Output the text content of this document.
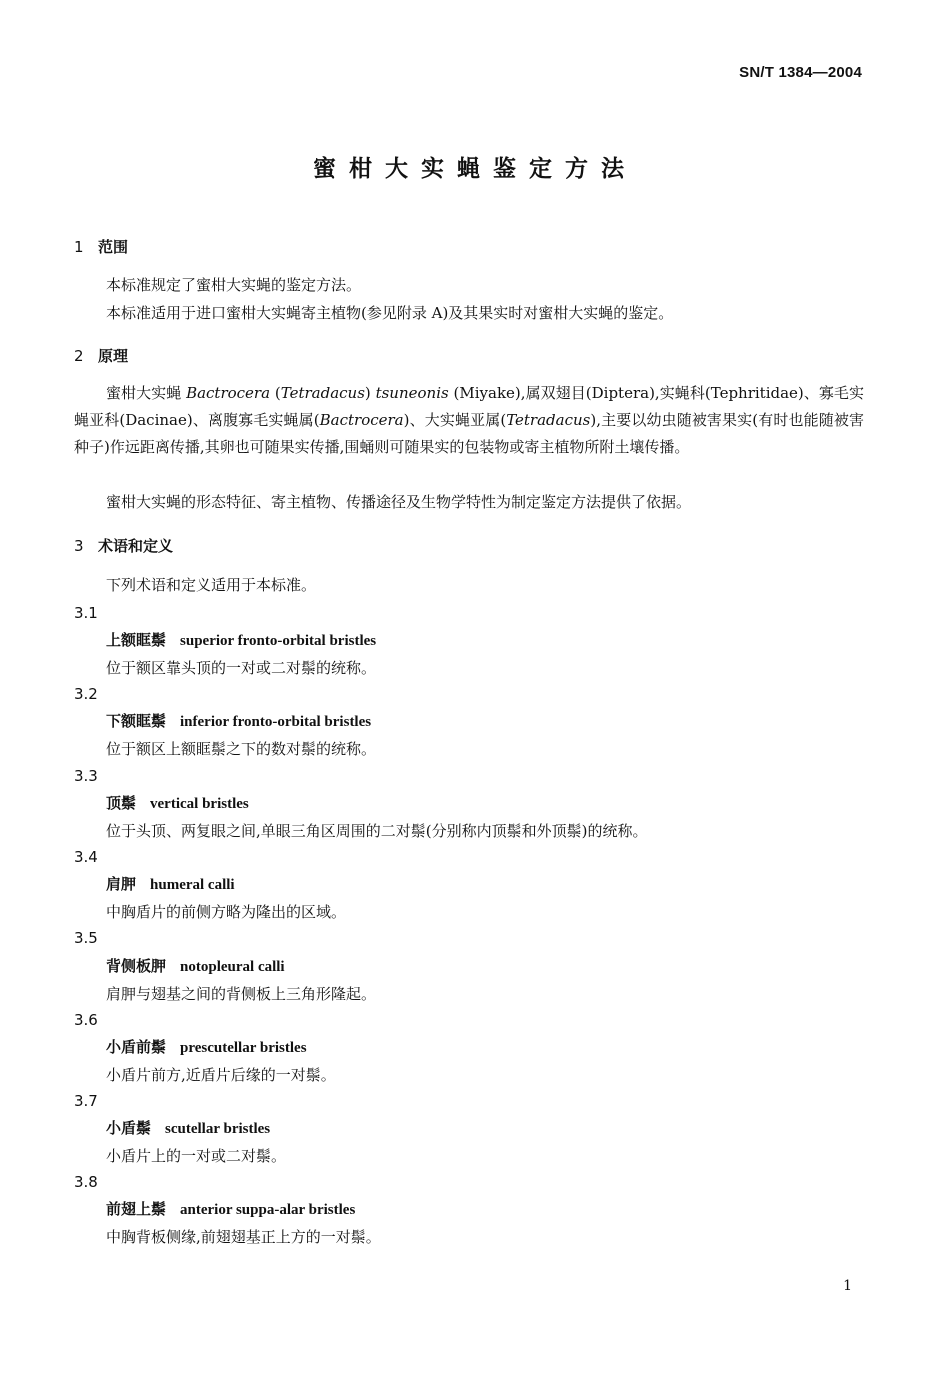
SN/T 1384—2004
蜜柑大实蝇鉴定方法
1 范围
本标准规定了蜜柑大实蝇的鉴定方法。
本标准适用于进口蜜柑大实蝇寄主植物(参见附录 A)及其果实时对蜜柑大实蝇的鉴定。
2 原理
蜜柑大实蝇 Bactrocera (Tetradacus) tsuneonis (Miyake),属双翅目(Diptera),实蝇科(Tephritidae)、寡毛实蝇亚科(Dacinae)、离腹寡毛实蝇属(Bactrocera)、大实蝇亚属(Tetradacus),主要以幼虫随被害果实(有时也能随被害种子)作远距离传播,其卵也可随果实传播,围蛹则可随果实的包装物或寄主植物所附土壤传播。
蜜柑大实蝇的形态特征、寄主植物、传播途径及生物学特性为制定鉴定方法提供了依据。
3 术语和定义
下列术语和定义适用于本标准。
3.1
上额眶鬃 superior fronto-orbital bristles
位于额区靠头顶的一对或二对鬃的统称。
3.2
下额眶鬃 inferior fronto-orbital bristles
位于额区上额眶鬃之下的数对鬃的统称。
3.3
顶鬃 vertical bristles
位于头顶、两复眼之间,单眼三角区周围的二对鬃(分别称内顶鬃和外顶鬃)的统称。
3.4
肩胛 humeral calli
中胸盾片的前侧方略为隆出的区域。
3.5
背侧板胛 notopleural calli
肩胛与翅基之间的背侧板上三角形隆起。
3.6
小盾前鬃 prescutellar bristles
小盾片前方,近盾片后缘的一对鬃。
3.7
小盾鬃 scutellar bristles
小盾片上的一对或二对鬃。
3.8
前翅上鬃 anterior suppa-alar bristles
中胸背板侧缘,前翅翅基正上方的一对鬃。
1
